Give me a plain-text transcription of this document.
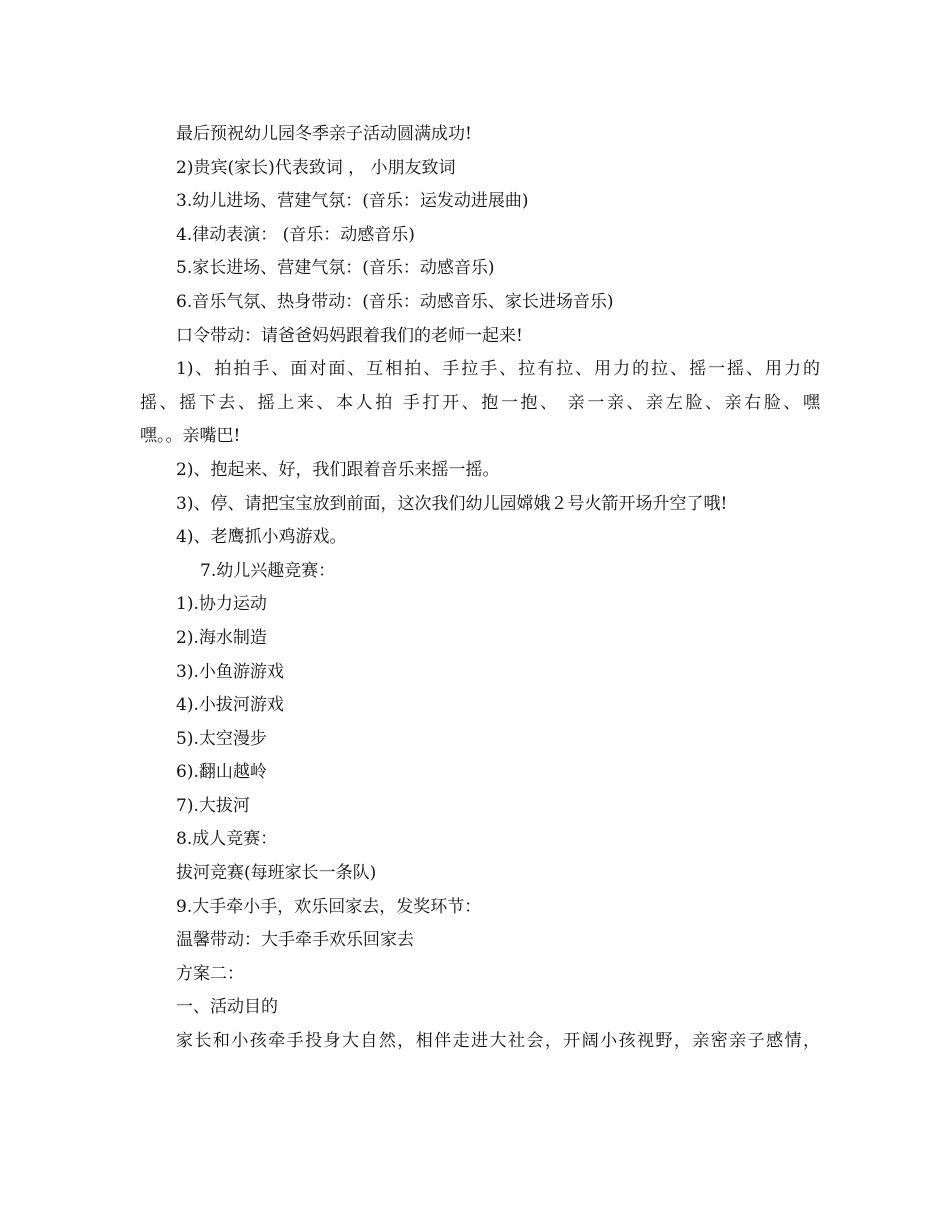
最后预祝幼儿园冬季亲子活动圆满成功!
2)贵宾(家长)代表致词 ， 小朋友致词
3.幼儿进场、营建气氛：(音乐：运发动进展曲)
4.律动表演： (音乐：动感音乐)
5.家长进场、营建气氛：(音乐：动感音乐)
6.音乐气氛、热身带动：(音乐：动感音乐、家长进场音乐)
口令带动：请爸爸妈妈跟着我们的老师一起来!
1)、拍拍手、面对面、互相拍、手拉手、拉有拉、用力的拉、摇一摇、用力的
摇、摇下去、摇上来、本人拍 手打开、抱一抱、 亲一亲、亲左脸、亲右脸、嘿
嘿。。亲嘴巴!
2)、抱起来、好，我们跟着音乐来摇一摇。
3)、停、请把宝宝放到前面，这次我们幼儿园嫦娥２号火箭开场升空了哦!
4)、老鹰抓小鸡游戏。
7.幼儿兴趣竞赛：
1).协力运动
2).海水制造
3).小鱼游游戏
4).小拔河游戏
5).太空漫步
6).翻山越岭
7).大拔河
8.成人竞赛：
拔河竞赛(每班家长一条队)
9.大手牵小手，欢乐回家去，发奖环节：
温馨带动：大手牵手欢乐回家去
方案二：
一、活动目的
家长和小孩牵手投身大自然，相伴走进大社会，开阔小孩视野，亲密亲子感情，
